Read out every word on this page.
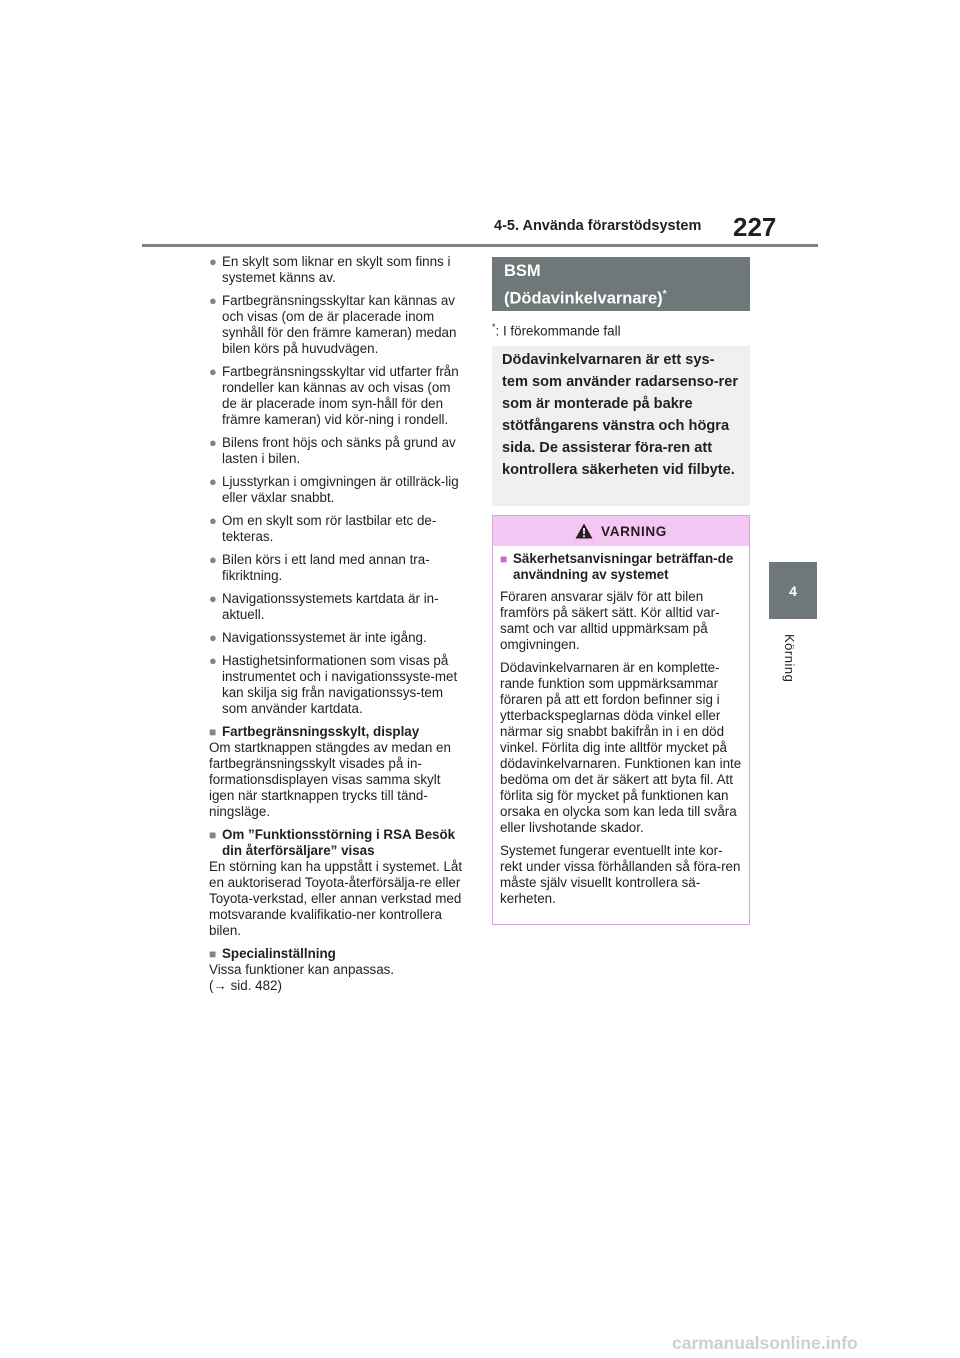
4-5. Använda förarstödsystem 227
4
Körning
● En skylt som liknar en skylt som finns i systemet känns av.
● Fartbegränsningsskyltar kan kännas av och visas (om de är placerade inom synhåll för den främre kameran) medan bilen körs på huvudvägen.
● Fartbegränsningsskyltar vid utfarter från rondeller kan kännas av och visas (om de är placerade inom syn-håll för den främre kameran) vid kör-ning i rondell.
● Bilens front höjs och sänks på grund av lasten i bilen.
● Ljusstyrkan i omgivningen är otillräck-lig eller växlar snabbt.
● Om en skylt som rör lastbilar etc de-tekteras.
● Bilen körs i ett land med annan tra-fikriktning.
● Navigationssystemets kartdata är in-aktuell.
● Navigationssystemet är inte igång.
● Hastighetsinformationen som visas på instrumentet och i navigationssyste-met kan skilja sig från navigationssys-tem som använder kartdata.
■ Fartbegränsningsskylt, display

Om startknappen stängdes av medan en fartbegränsningsskylt visades på in-formationsdisplayen visas samma skylt igen när startknappen trycks till tänd-ningsläge.

■ Om ”Funktionsstörning i RSA Besök din återförsäljare” visas

En störning kan ha uppstått i systemet. Låt en auktoriserad Toyota-återförsälja-re eller Toyota-verkstad, eller annan verkstad med motsvarande kvalifikatio-ner kontrollera bilen.

■ Specialinställning

Vissa funktioner kan anpassas.

(→ sid. 482)

BSM
(Dödavinkelvarnare)*
*: I förekommande fall
Dödavinkelvarnaren är ett sys-tem som använder radarsenso-rer som är monterade på bakre stötfångarens vänstra och högra sida. De assisterar föra-ren att kontrollera säkerheten vid filbyte.
VARNING
■ Säkerhetsanvisningar beträffan-de användning av systemet

Föraren ansvarar själv för att bilen framförs på säkert sätt. Kör alltid var-samt och var alltid uppmärksam på omgivningen.

Dödavinkelvarnaren är en komplette-rande funktion som uppmärksammar föraren på att ett fordon befinner sig i ytterbackspeglarnas döda vinkel eller närmar sig snabbt bakifrån in i en död vinkel. Förlita dig inte alltför mycket på dödavinkelvarnaren. Funktionen kan inte bedöma om det är säkert att byta fil. Att förlita sig för mycket på funktionen kan orsaka en olycka som kan leda till svåra eller livshotande skador.

Systemet fungerar eventuellt inte kor-rekt under vissa förhållanden så föra-ren måste själv visuellt kontrollera sä-kerheten.

carmanualsonline.info
